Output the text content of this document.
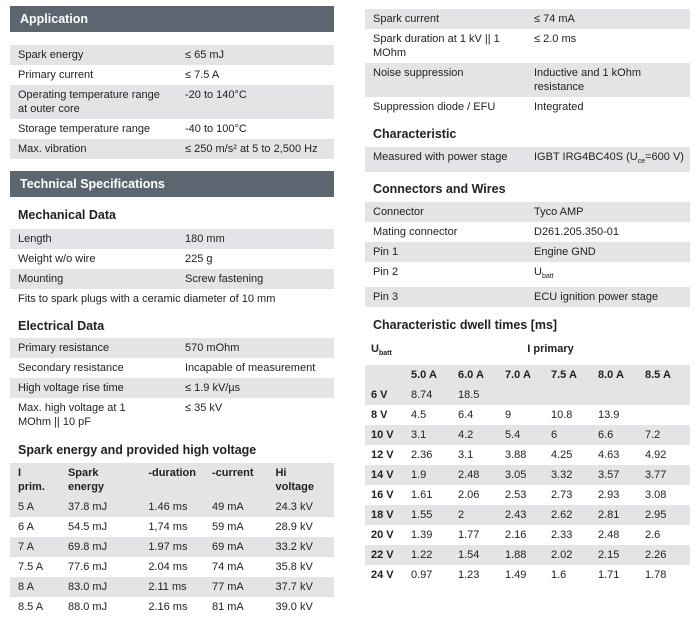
Application
Spark energy	≤ 65 mJ
Primary current	≤ 7.5 A
Operating temperature range at outer core	-20 to 140°C
Storage temperature range	-40 to 100°C
Max. vibration	≤ 250 m/s² at 5 to 2,500 Hz
Technical Specifications
Mechanical Data
Length	180 mm
Weight w/o wire	225 g
Mounting	Screw fastening
Fits to spark plugs with a ceramic diameter of 10 mm	
Electrical Data
Primary resistance	570 mOhm
Secondary resistance	Incapable of measurement
High voltage rise time	≤ 1.9 kV/µs
Max. high voltage at 1 MOhm || 10 pF	≤ 35 kV
Spark energy and provided high voltage
I prim.	Spark energy	-duration	-current	Hi voltage
5 A	37.8 mJ	1.46 ms	49 mA	24.3 kV
6 A	54.5 mJ	1,74 ms	59 mA	28.9 kV
7 A	69.8 mJ	1.97 ms	69 mA	33.2 kV
7.5 A	77.6 mJ	2.04 ms	74 mA	35.8 kV
8 A	83.0 mJ	2.11 ms	77 mA	37.7 kV
8.5 A	88.0 mJ	2.16 ms	81 mA	39.0 kV
Spark current	≤ 74 mA
Spark duration at 1 kV || 1 MOhm	≤ 2.0 ms
Noise suppression	Inductive and 1 kOhm resistance
Suppression diode / EFU	Integrated
Characteristic
Measured with power stage	IGBT IRG4BC40S ($U_{ce}=600$ V)
Connectors and Wires
Connector	Tyco AMP
Mating connector	D261.205.350-01
Pin 1	Engine GND
Pin 2	$U_{batt}$
Pin 3	ECU ignition power stage
Characteristic dwell times [ms]
$U_{batt}$	I primary					
	5.0 A	6.0 A	7.0 A	7.5 A	8.0 A	8.5 A
6 V	8.74	18.5				
8 V	4.5	6.4	9	10.8	13.9	
10 V	3.1	4.2	5.4	6	6.6	7.2
12 V	2.36	3.1	3.88	4.25	4.63	4.92
14 V	1.9	2.48	3.05	3.32	3.57	3.77
16 V	1.61	2.06	2.53	2.73	2.93	3.08
18 V	1.55	2	2.43	2.62	2.81	2.95
20 V	1.39	1.77	2.16	2.33	2.48	2.6
22 V	1.22	1.54	1.88	2.02	2.15	2.26
24 V	0.97	1.23	1.49	1.6	1.71	1.78
